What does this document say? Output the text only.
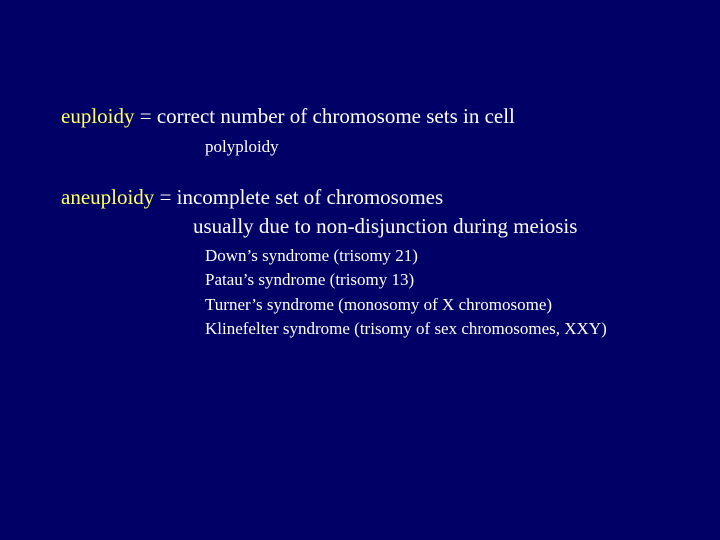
euploidy = correct number of chromosome sets in cell
polyploidy
aneuploidy = incomplete set of chromosomes
usually due to non-disjunction during meiosis
Down’s syndrome (trisomy 21)
Patau’s syndrome (trisomy 13)
Turner’s syndrome (monosomy of X chromosome)
Klinefelter syndrome (trisomy of sex chromosomes, XXY)
